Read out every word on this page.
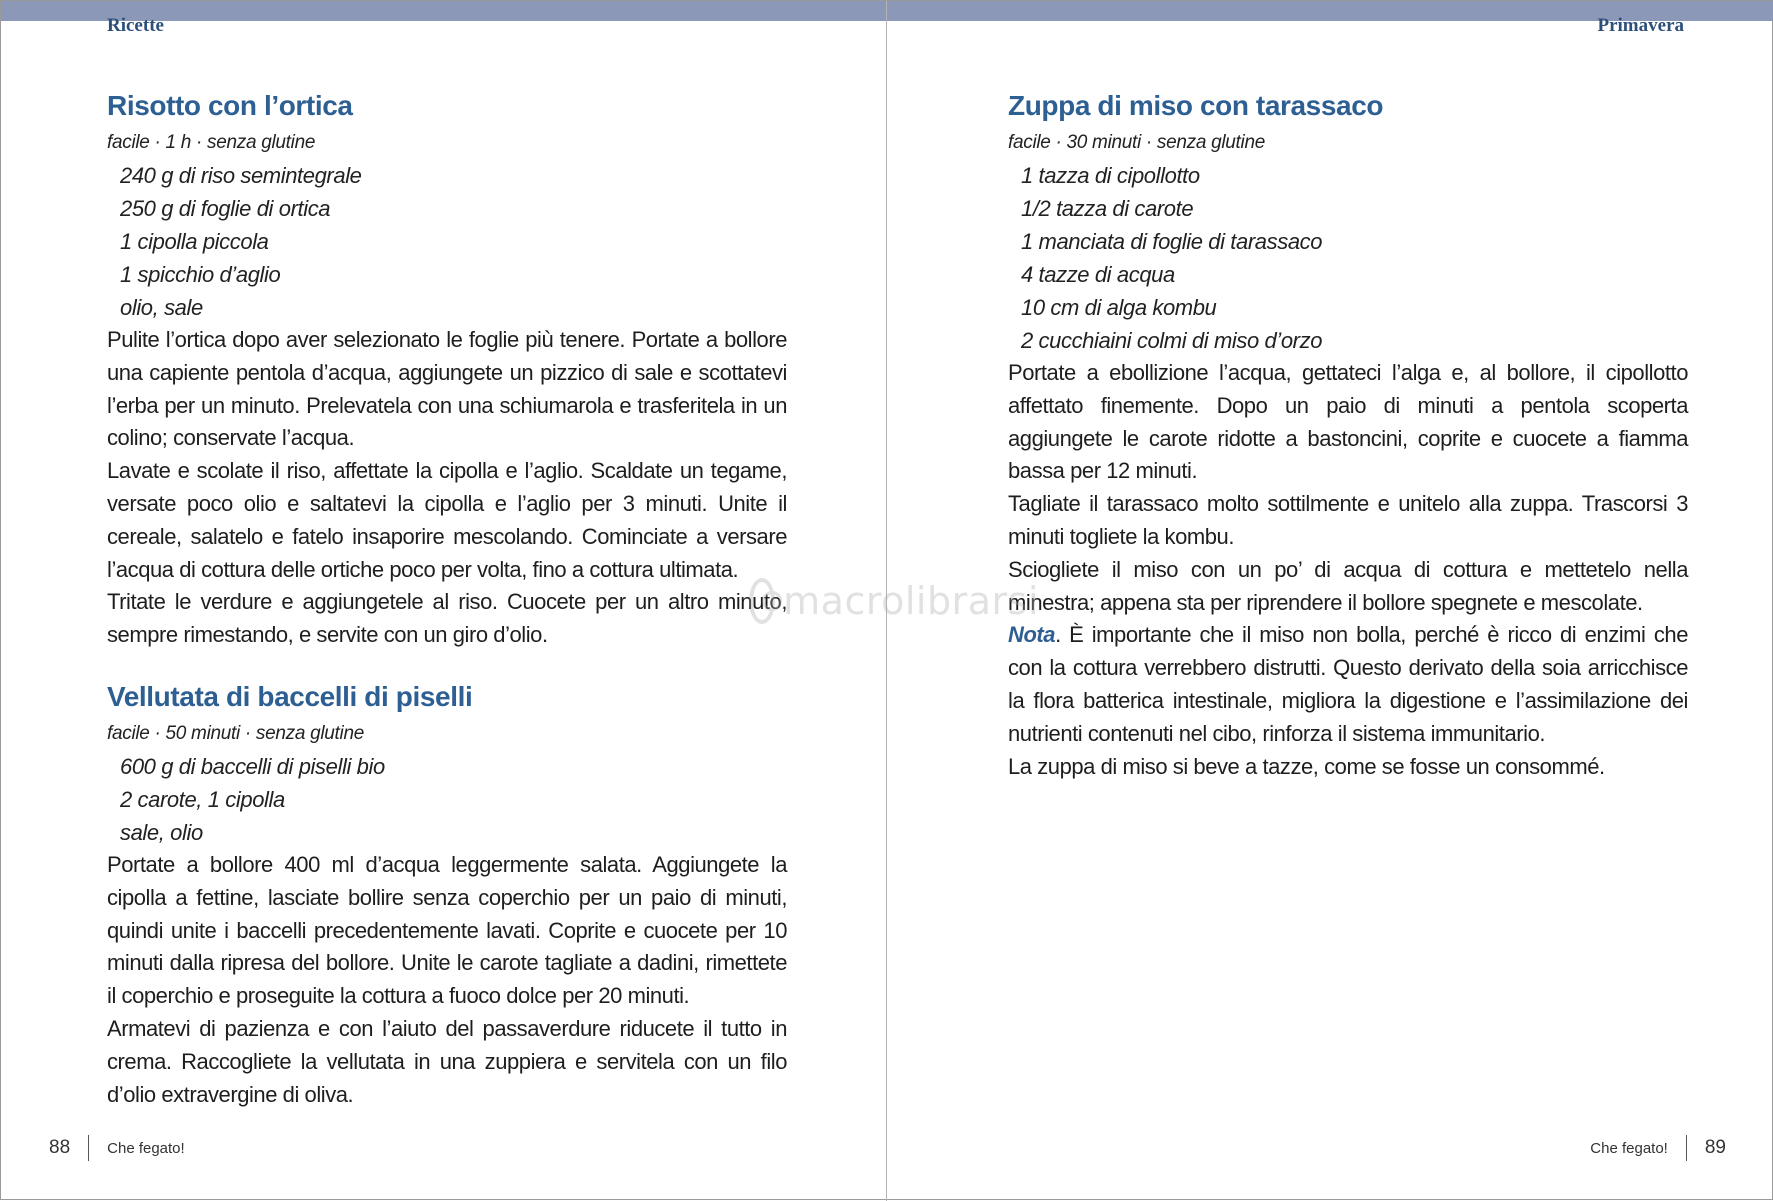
Ricette
Risotto con l’ortica

facile · 1 h · senza glutine

240 g di riso semintegrale
250 g di foglie di ortica
1 cipolla piccola
1 spicchio d’aglio
olio, sale

Pulite l’ortica dopo aver selezionato le foglie più tenere. Portate a bollore una capiente pentola d’acqua, aggiungete un pizzico di sale e scottatevi l’erba per un minuto. Prelevatela con una schiumarola e trasferitela in un colino; conservate l’acqua.

Lavate e scolate il riso, affettate la cipolla e l’aglio. Scaldate un tegame, versate poco olio e saltatevi la cipolla e l’aglio per 3 minuti. Unite il cereale, salatelo e fatelo insaporire mescolando. Cominciate a versare l’acqua di cottura delle ortiche poco per volta, fino a cottura ultimata.

Tritate le verdure e aggiungetele al riso. Cuocete per un altro minuto, sempre rimestando, e servite con un giro d’olio.

Vellutata di baccelli di piselli

facile · 50 minuti · senza glutine

600 g di baccelli di piselli bio
2 carote, 1 cipolla
sale, olio

Portate a bollore 400 ml d’acqua leggermente salata. Aggiungete la cipolla a fettine, lasciate bollire senza coperchio per un paio di minuti, quindi unite i baccelli precedentemente lavati. Coprite e cuocete per 10 minuti dalla ripresa del bollore. Unite le carote tagliate a dadini, rimettete il coperchio e proseguite la cottura a fuoco dolce per 20 minuti.

Armatevi di pazienza e con l’aiuto del passaverdure riducete il tutto in crema. Raccogliete la vellutata in una zuppiera e servitela con un filo d’olio extravergine di oliva.

88 Che fegato!
Primavera
Zuppa di miso con tarassaco

facile · 30 minuti · senza glutine

1 tazza di cipollotto
1/2 tazza di carote
1 manciata di foglie di tarassaco
4 tazze di acqua
10 cm di alga kombu
2 cucchiaini colmi di miso d’orzo

Portate a ebollizione l’acqua, gettateci l’alga e, al bollore, il cipollotto affettato finemente. Dopo un paio di minuti a pentola scoperta aggiungete le carote ridotte a bastoncini, coprite e cuocete a fiamma bassa per 12 minuti.

Tagliate il tarassaco molto sottilmente e unitelo alla zuppa. Trascorsi 3 minuti togliete la kombu.

Sciogliete il miso con un po’ di acqua di cottura e mettetelo nella minestra; appena sta per riprendere il bollore spegnete e mescolate.

Nota. È importante che il miso non bolla, perché è ricco di enzimi che con la cottura verrebbero distrutti. Questo derivato della soia arricchisce la flora batterica intestinale, migliora la digestione e l’assimilazione dei nutrienti contenuti nel cibo, rinforza il sistema immunitario.

La zuppa di miso si beve a tazze, come se fosse un consommé.

Che fegato! 89
macrolibrarsi
